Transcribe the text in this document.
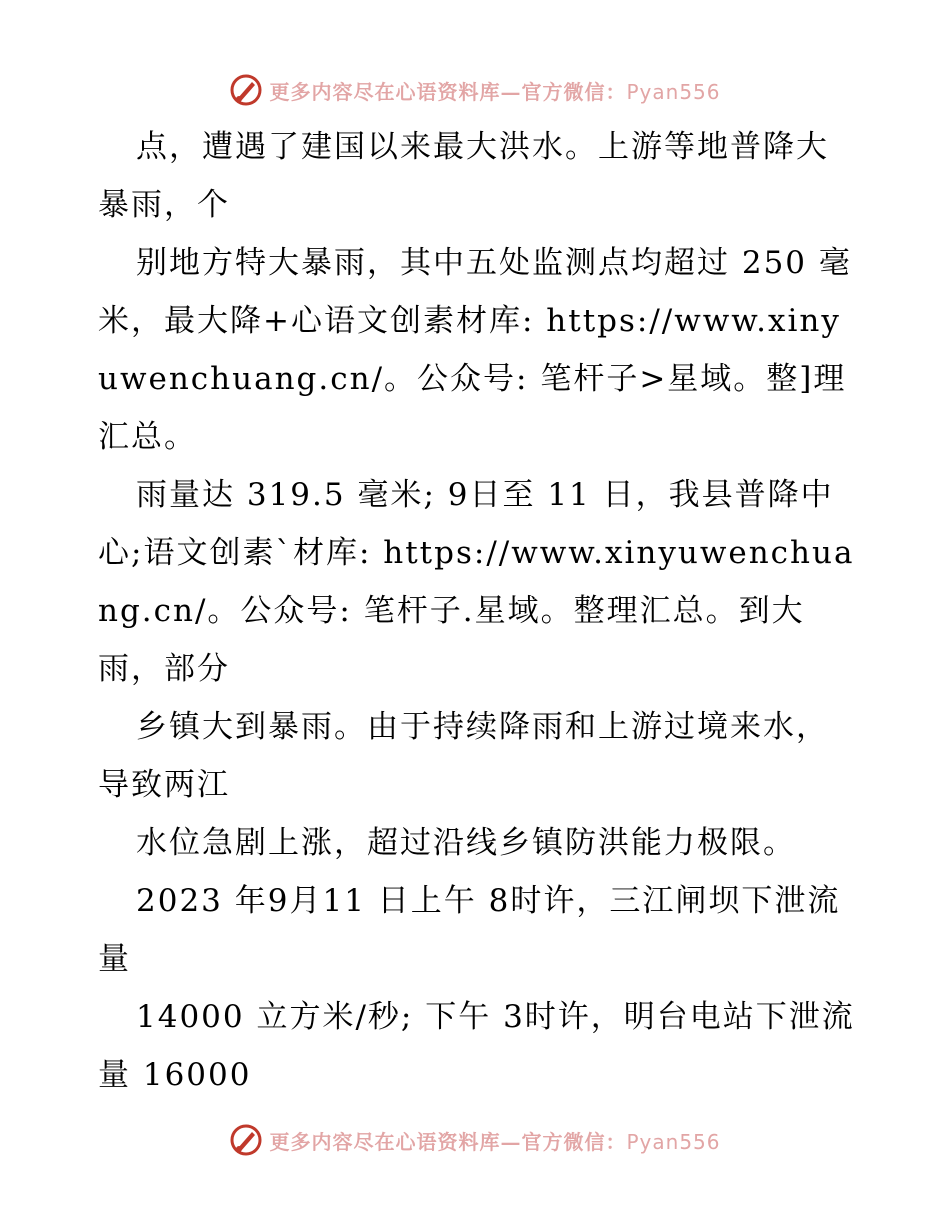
更多内容尽在心语资料库—官方微信：Pyan556

点，遭遇了建国以来最大洪水。上游等地普降大暴雨，个

别地方特大暴雨，其中五处监测点均超过 250 毫米，最大降+心语文创素材库: https://www.xinyuwenchuang.cn/。公众号: 笔杆子>星域。整]理汇总。

雨量达 319.5 毫米; 9日至 11 日，我县普降中心;语文创素`材库: https://www.xinyuwenchuang.cn/。公众号: 笔杆子.星域。整理汇总。到大雨，部分

乡镇大到暴雨。由于持续降雨和上游过境来水，导致两江

水位急剧上涨，超过沿线乡镇防洪能力极限。

2023 年9月11 日上午 8时许，三江闸坝下泄流量

14000 立方米/秒; 下午 3时许，明台电站下泄流量 16000

更多内容尽在心语资料库—官方微信：Pyan556
